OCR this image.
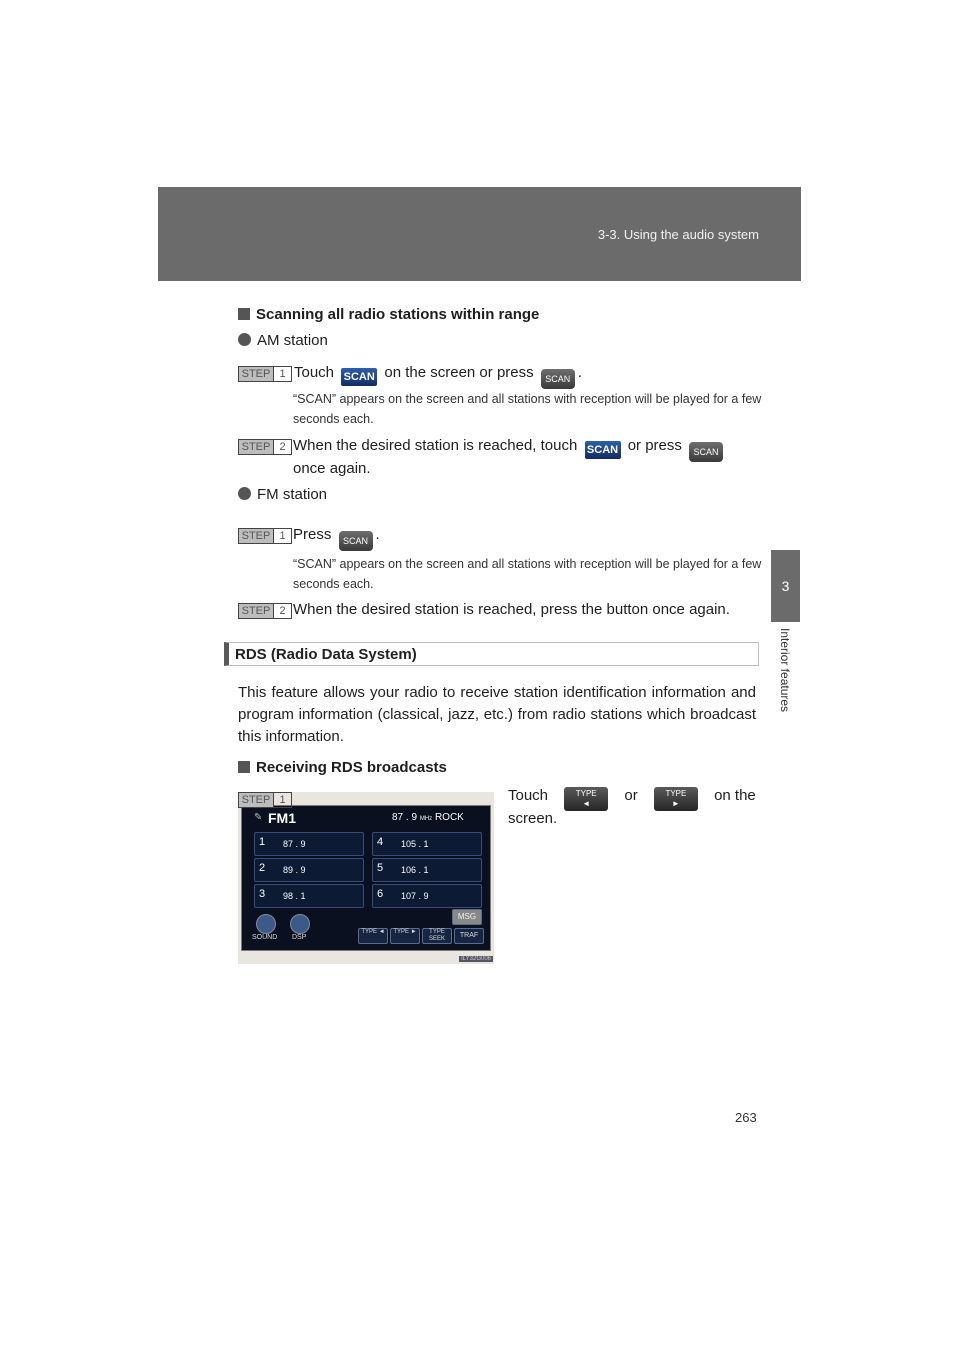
3-3. Using the audio system
3
Interior features
Scanning all radio stations within range
AM station
STEP 1 Touch SCAN on the screen or press SCAN .
“SCAN” appears on the screen and all stations with reception will be played for a few seconds each.
STEP 2 When the desired station is reached, touch SCAN or press SCAN
once again.
FM station
STEP 1 Press SCAN .
“SCAN” appears on the screen and all stations with reception will be played for a few seconds each.
STEP 2 When the desired station is reached, press the button once again.
RDS (Radio Data System)
This feature allows your radio to receive station identification information and program information (classical, jazz, etc.) from radio stations which broadcast this information.
Receiving RDS broadcasts
STEP 1	Touch	TYPE
◄ or	TYPE
► on the
screen.
✎ FM1	87 . 9 MHz ROCK
1 87 . 9
2 89 . 9
3 98 . 1
4 105 . 1
5 106 . 1
6 107 . 9
MSG
SOUND DSP
TYPE ◄	TYPE ►	TYPE SEEK	TRAF
ILY32G006
263
